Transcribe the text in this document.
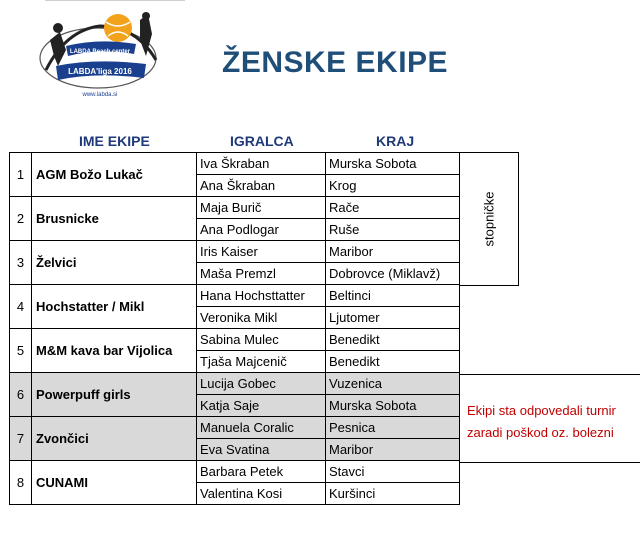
LABDA Beach center
LABDA'liga 2016
www.labda.si
ŽENSKE EKIPE
IME EKIPE	IGRALCA	KRAJ
1 AGM Božo Lukač
Iva Škraban	Murska Sobota
Ana Škraban	Krog
2 Brusnicke
Maja Burič	Rače
Ana Podlogar	Ruše
3 Želvici
Iris Kaiser	Maribor
Maša Premzl	Dobrovce (Miklavž)
4 Hochstatter / Mikl
Hana Hochsttatter	Beltinci
Veronika Mikl	Ljutomer
5 M&M kava bar Vijolica
Sabina Mulec	Benedikt
Tjaša Majcenič	Benedikt
6 Powerpuff girls
Lucija Gobec	Vuzenica
Katja Saje	Murska Sobota
7 Zvončici
Manuela Coralic	Pesnica
Eva Svatina	Maribor
8 CUNAMI
Barbara Petek	Stavci
Valentina Kosi	Kuršinci
stopničke
Ekipi sta odpovedali turnir
zaradi poškod oz. bolezni
